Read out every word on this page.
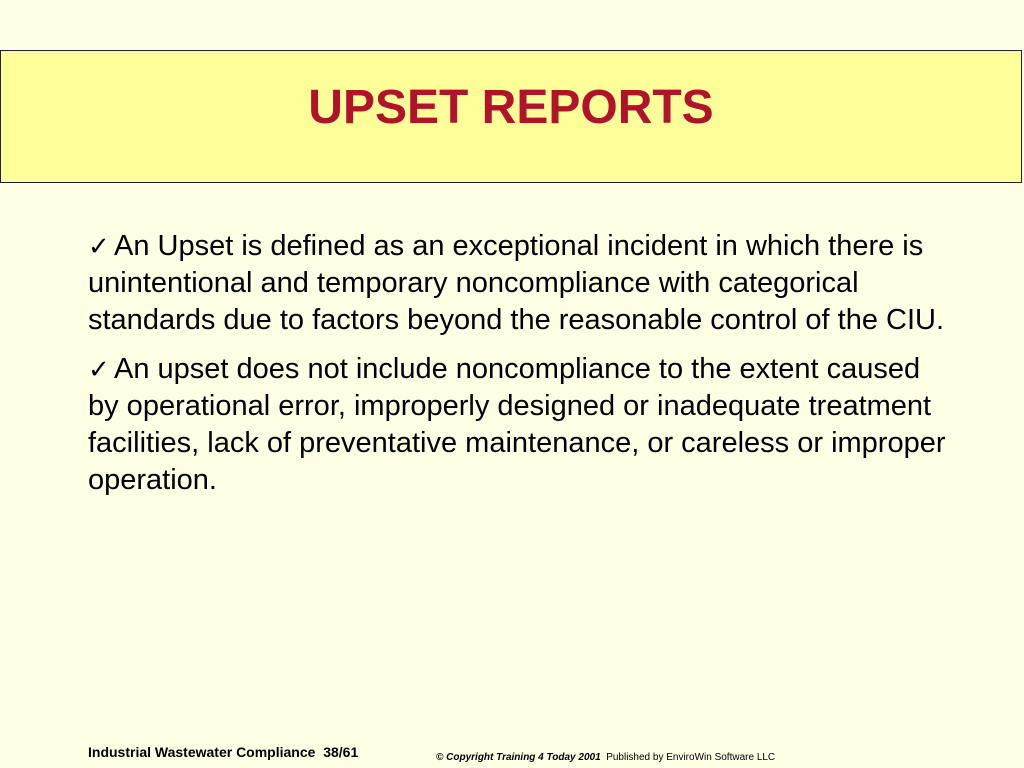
UPSET REPORTS
✓ An Upset is defined as an exceptional incident in which there is unintentional and temporary noncompliance with categorical standards due to factors beyond the reasonable control of the CIU.
✓ An upset does not include noncompliance to the extent caused by operational error, improperly designed or inadequate treatment facilities, lack of preventative maintenance, or careless or improper operation.
Industrial Wastewater Compliance 38/61	© Copyright Training 4 Today 2001 Published by EnviroWin Software LLC
